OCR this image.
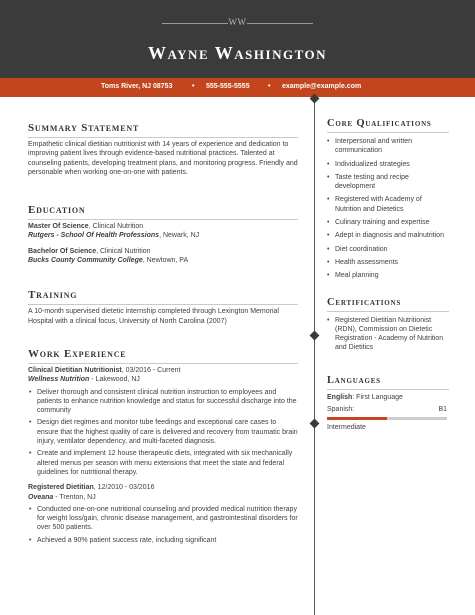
WW
Wayne Washington
Toms River, NJ 08753	• 555-555-5555	• example@example.com
Summary Statement
Empathetic clinical dietitian nutritionist with 14 years of experience and dedication to improving patient lives through evidence-based nutritional practices. Talented at counseling patients, developing treatment plans, and monitoring progress. Friendly and personable when working one-on-one with patients.
Education
Master Of Science, Clinical Nutrition
Rutgers - School Of Health Professions, Newark, NJ
Bachelor Of Science, Clinical Nutrition
Bucks County Community College, Newtown, PA
Training
A 10-month supervised dietetic internship completed through Lexington Memorial Hospital with a clinical focus, University of North Carolina (2007)
Work Experience
Clinical Dietitian Nutritionist, 03/2016 - Current
Wellness Nutrition - Lakewood, NJ
• Deliver thorough and consistent clinical nutrition instruction to employees and patients to enhance nutrition knowledge and status for successful discharge into the community
• Design diet regimes and monitor tube feedings and exceptional care cases to ensure that the highest quality of care is delivered and recovery from traumatic brain injury, ventilator dependency, and multi-faceted diagnosis.
• Create and implement 12 house therapeutic diets, integrated with six mechanically altered menus per season with menu extensions that meet the state and federal guidelines for nutritional therapy.
Registered Dietitian, 12/2010 - 03/2016
Oveana - Trenton, NJ
• Conducted one-on-one nutritional counseling and provided medical nutrition therapy for weight loss/gain, chronic disease management, and gastrointestinal disorders for over 500 patients.
• Achieved a 90% patient success rate, including significant
Core Qualifications
• Interpersonal and written communication
• Individualized strategies
• Taste testing and recipe development
• Registered with Academy of Nutrition and Dietetics
• Culinary training and expertise
• Adept in diagnosis and malnutrition
• Diet coordination
• Health assessments
• Meal planning
Certifications
• Registered Dietitian Nutritionist (RDN), Commission on Dietetic Registration - Academy of Nutrition and Dietitics
Languages
English: First Language
Spanish:	B1
Intermediate
